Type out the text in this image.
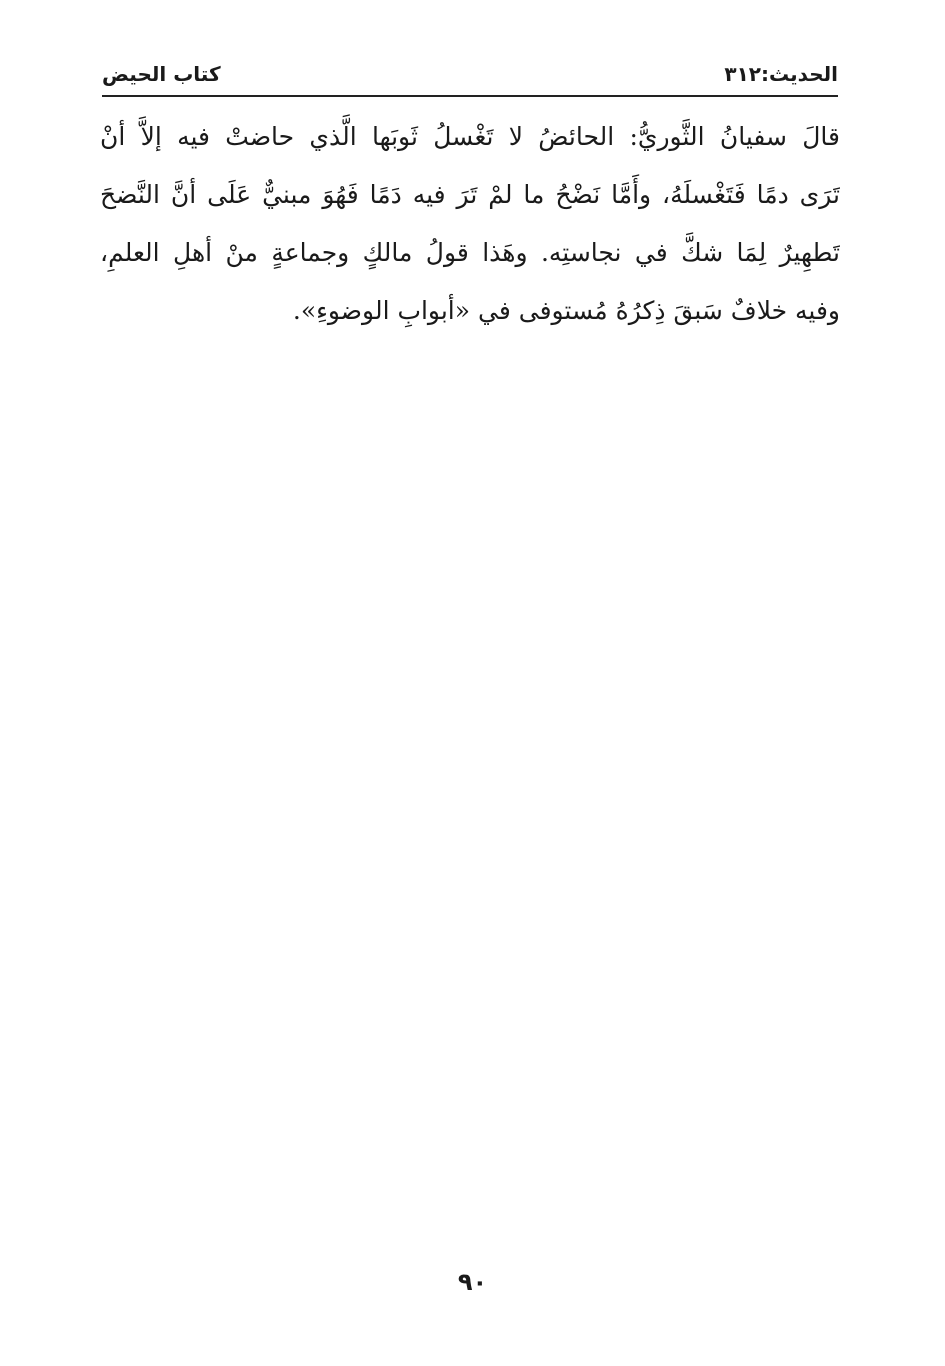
الحديث:٣١٢
كتاب الحيض

قالَ سفيانُ الثَّوريُّ: الحائضُ لا تَغْسلُ ثَوبَها الَّذي حاضتْ فيه إلاَّ أنْ

تَرَى دمًا فَتَغْسلَهُ، وأَمَّا نَضْحُ ما لمْ تَرَ فيه دَمًا فَهُوَ مبنيٌّ عَلَى أنَّ النَّضحَ

تَطهِيرٌ لِمَا شكَّ في نجاستِه. وهَذا قولُ مالكٍ وجماعةٍ منْ أهلِ العلمِ،

وفيه خلافٌ سَبقَ ذِكرُهُ مُستوفى في «أبوابِ الوضوءِ».

٩٠
